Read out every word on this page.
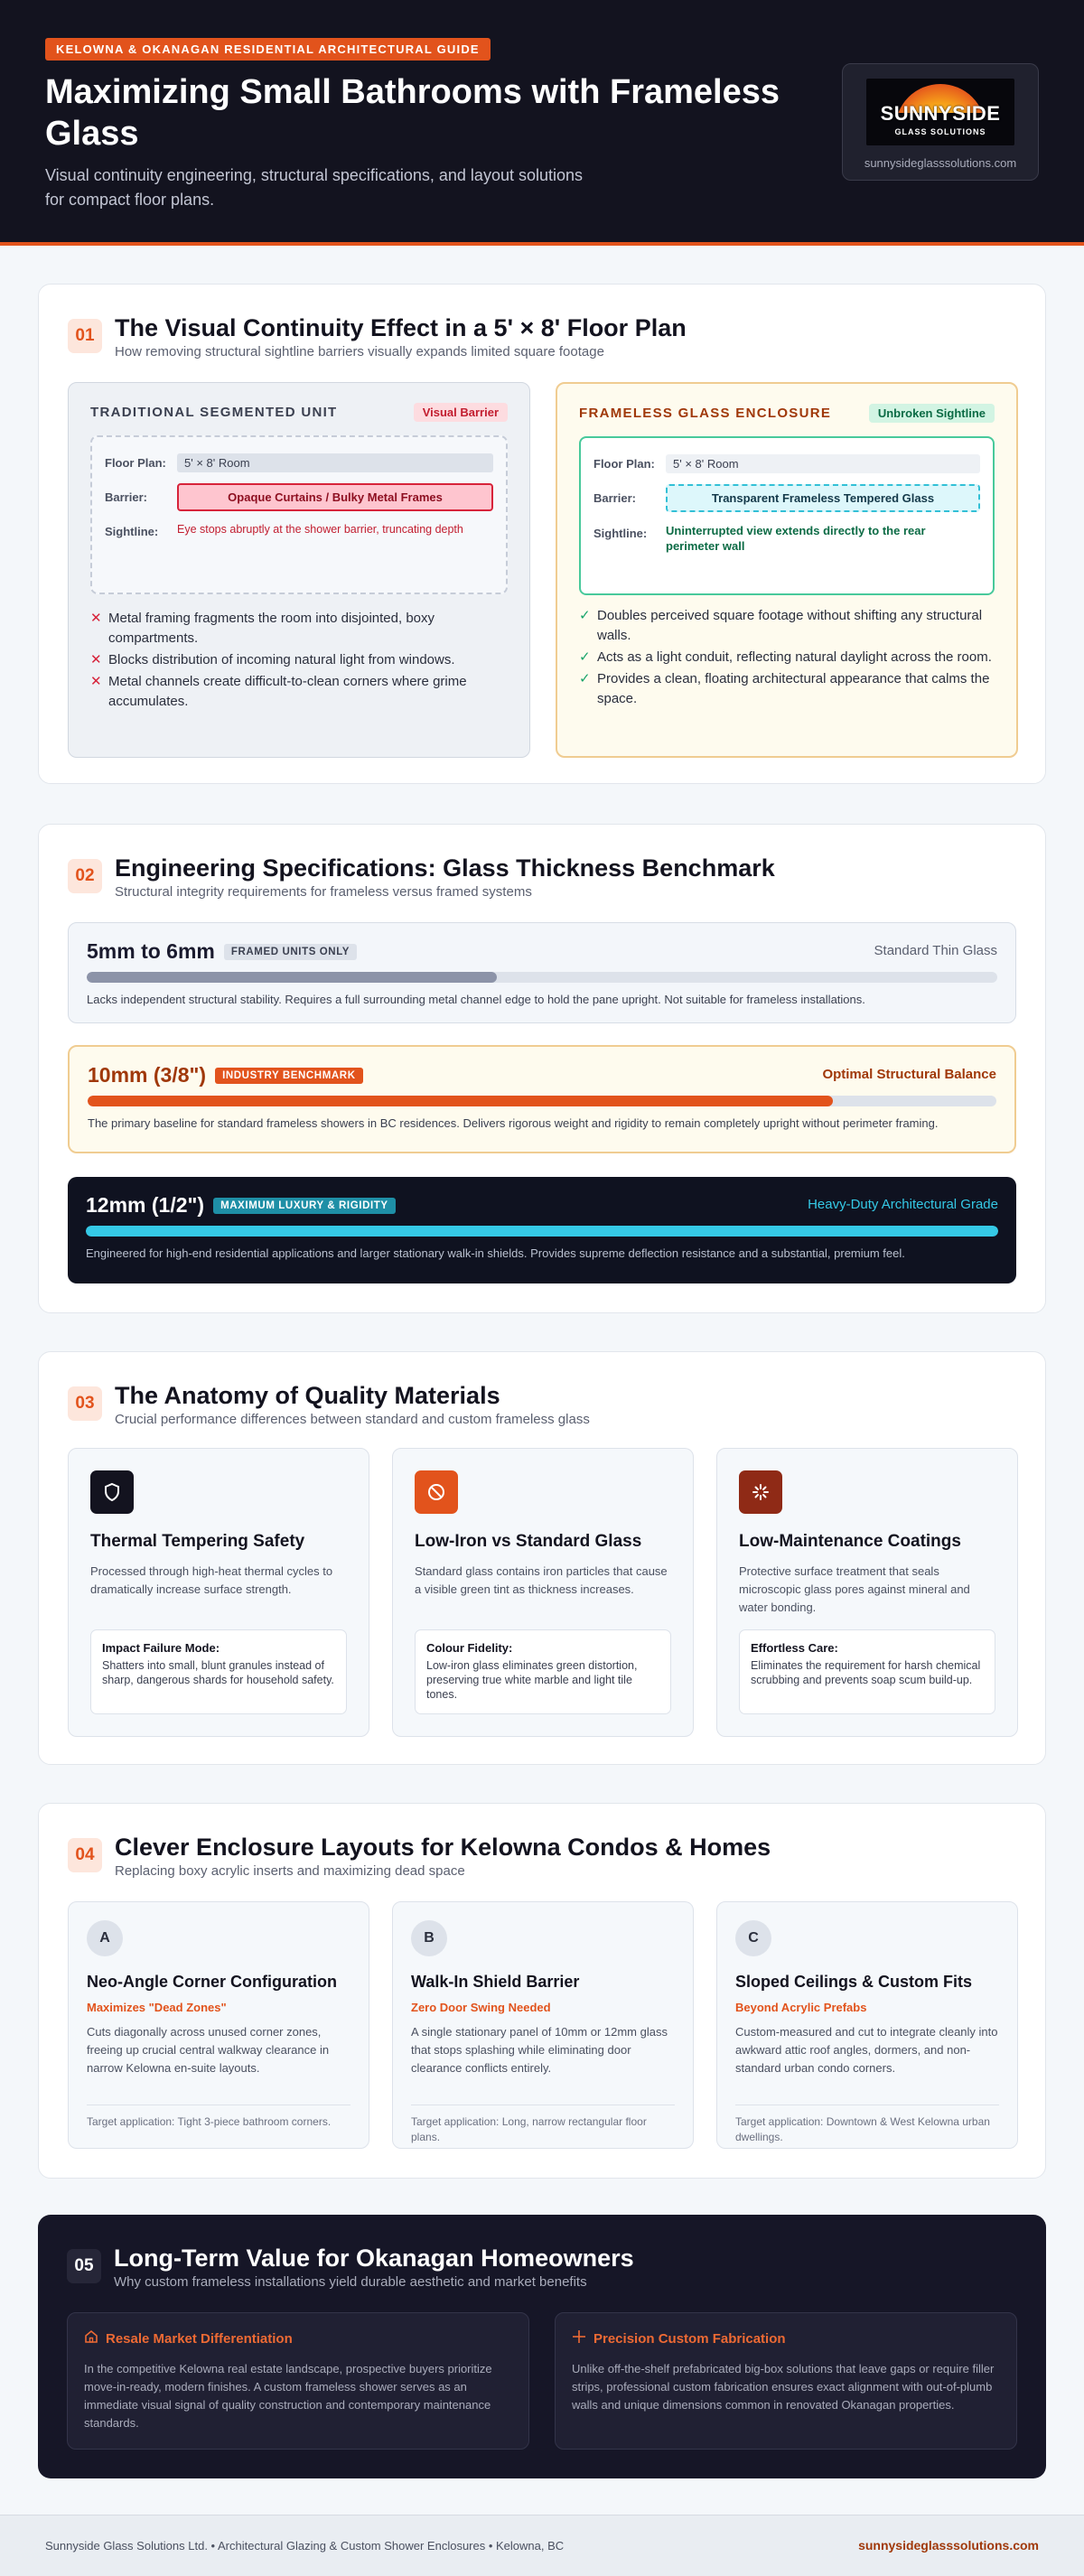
KELOWNA & OKANAGAN RESIDENTIAL ARCHITECTURAL GUIDE
Maximizing Small Bathrooms with Frameless Glass

Visual continuity engineering, structural specifications, and layout solutions for compact floor plans.

SUNNYSIDE
GLASS SOLUTIONS
sunnysideglasssolutions.com
01 The Visual Continuity Effect in a 5' × 8' Floor Plan
How removing structural sightline barriers visually expands limited square footage
TRADITIONAL SEGMENTED UNIT	Visual Barrier
Floor Plan:	5' × 8' Room
Barrier:	Opaque Curtains / Bulky Metal Frames
Sightline:	Eye stops abruptly at the shower barrier, truncating depth
✕ Metal framing fragments the room into disjointed, boxy compartments.
✕ Blocks distribution of incoming natural light from windows.
✕ Metal channels create difficult-to-clean corners where grime accumulates.
FRAMELESS GLASS ENCLOSURE	Unbroken Sightline
Floor Plan:	5' × 8' Room
Barrier:	Transparent Frameless Tempered Glass
Sightline:	Uninterrupted view extends directly to the rear perimeter wall
✓ Doubles perceived square footage without shifting any structural walls.
✓ Acts as a light conduit, reflecting natural daylight across the room.
✓ Provides a clean, floating architectural appearance that calms the space.
02 Engineering Specifications: Glass Thickness Benchmark
Structural integrity requirements for frameless versus framed systems
5mm to 6mm FRAMED UNITS ONLY	Standard Thin Glass
Lacks independent structural stability. Requires a full surrounding metal channel edge to hold the pane upright. Not suitable for frameless installations.
10mm (3/8") INDUSTRY BENCHMARK	Optimal Structural Balance
The primary baseline for standard frameless showers in BC residences. Delivers rigorous weight and rigidity to remain completely upright without perimeter framing.
12mm (1/2") MAXIMUM LUXURY & RIGIDITY	Heavy-Duty Architectural Grade
Engineered for high-end residential applications and larger stationary walk-in shields. Provides supreme deflection resistance and a substantial, premium feel.
03 The Anatomy of Quality Materials
Crucial performance differences between standard and custom frameless glass
Thermal Tempering Safety

Processed through high-heat thermal cycles to dramatically increase surface strength.

Impact Failure Mode:
Shatters into small, blunt granules instead of sharp, dangerous shards for household safety.
Low-Iron vs Standard Glass

Standard glass contains iron particles that cause a visible green tint as thickness increases.

Colour Fidelity:
Low-iron glass eliminates green distortion, preserving true white marble and light tile tones.
Low-Maintenance Coatings

Protective surface treatment that seals microscopic glass pores against mineral and water bonding.

Effortless Care:
Eliminates the requirement for harsh chemical scrubbing and prevents soap scum build-up.
04 Clever Enclosure Layouts for Kelowna Condos & Homes
Replacing boxy acrylic inserts and maximizing dead space
A
Neo-Angle Corner Configuration
Maximizes "Dead Zones"

Cuts diagonally across unused corner zones, freeing up crucial central walkway clearance in narrow Kelowna en-suite layouts.

Target application: Tight 3-piece bathroom corners.
B
Walk-In Shield Barrier
Zero Door Swing Needed

A single stationary panel of 10mm or 12mm glass that stops splashing while eliminating door clearance conflicts entirely.

Target application: Long, narrow rectangular floor plans.
C
Sloped Ceilings & Custom Fits
Beyond Acrylic Prefabs

Custom-measured and cut to integrate cleanly into awkward attic roof angles, dormers, and non-standard urban condo corners.

Target application: Downtown & West Kelowna urban dwellings.
05 Long-Term Value for Okanagan Homeowners
Why custom frameless installations yield durable aesthetic and market benefits
Resale Market Differentiation

In the competitive Kelowna real estate landscape, prospective buyers prioritize move-in-ready, modern finishes. A custom frameless shower serves as an immediate visual signal of quality construction and contemporary maintenance standards.

Precision Custom Fabrication

Unlike off-the-shelf prefabricated big-box solutions that leave gaps or require filler strips, professional custom fabrication ensures exact alignment with out-of-plumb walls and unique dimensions common in renovated Okanagan properties.

Sunnyside Glass Solutions Ltd. • Architectural Glazing & Custom Shower Enclosures • Kelowna, BC	sunnysideglasssolutions.com
